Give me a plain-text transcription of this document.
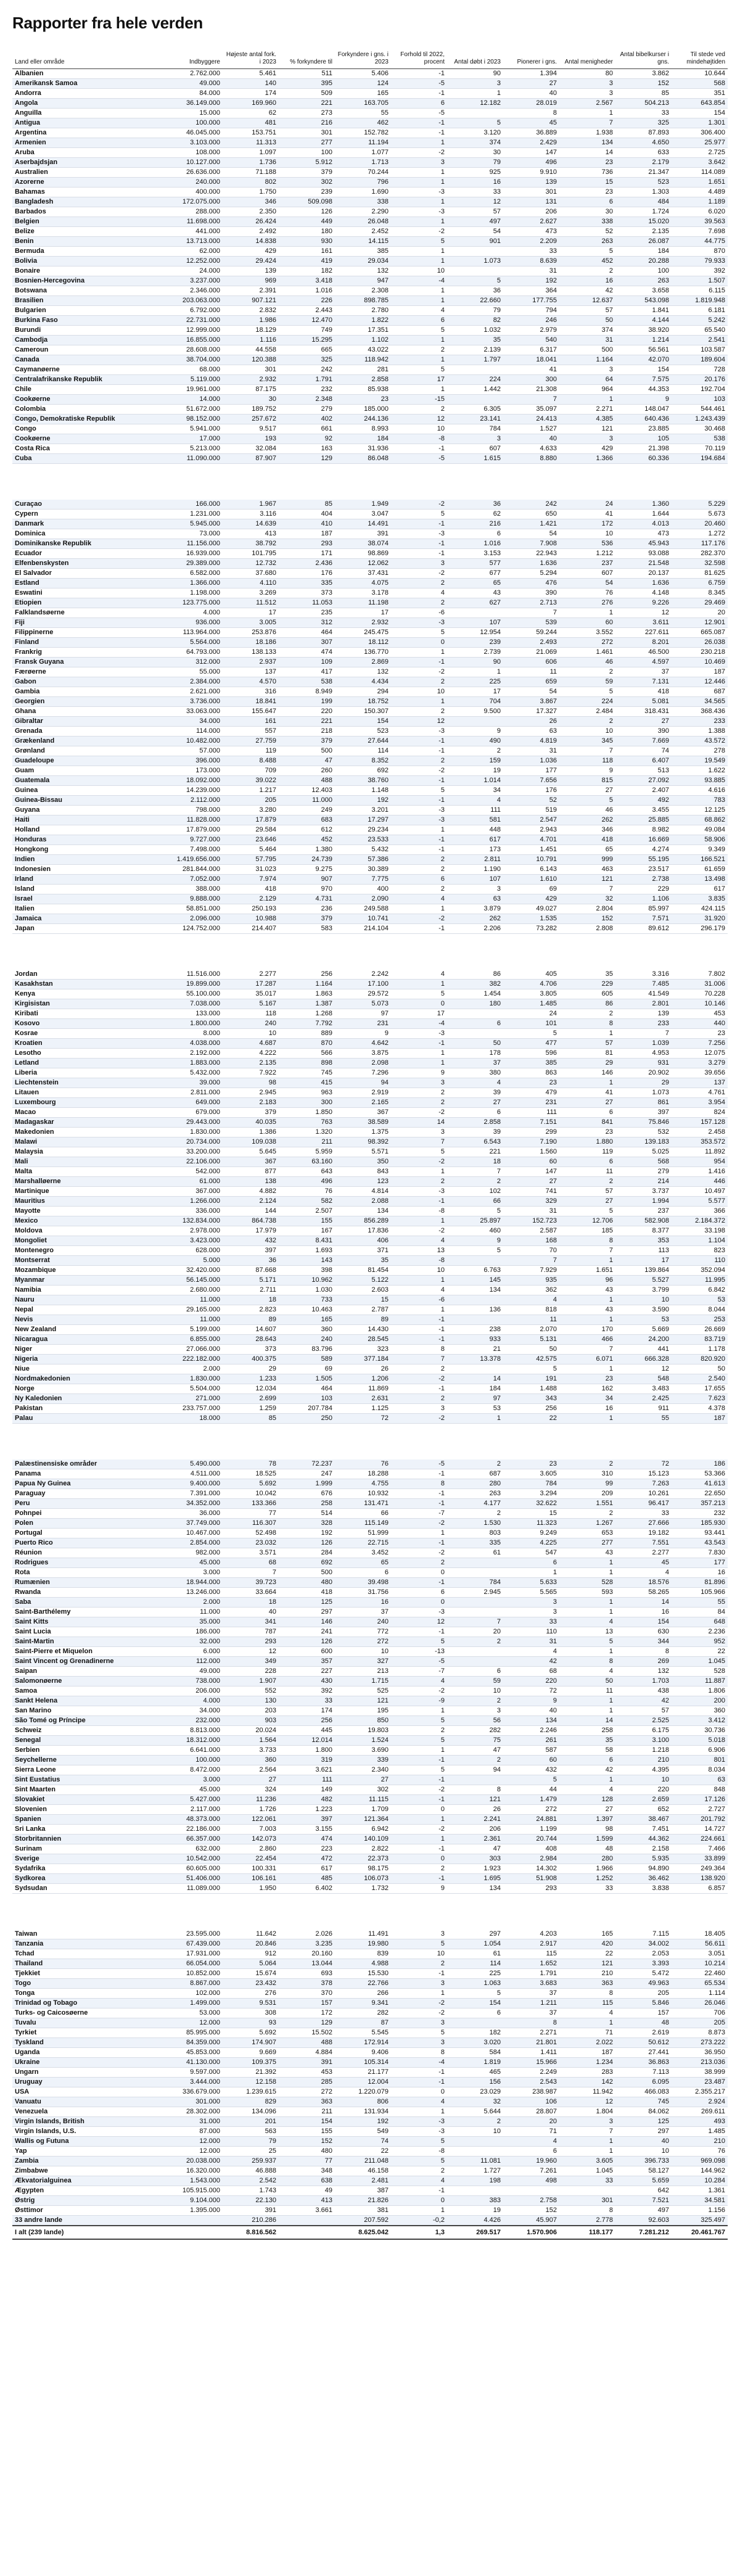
Rapporter fra hele verden
Land eller område	Indbyggere	Højeste antal fork. i 2023	% forkyndere til	Forkyndere i gns. i 2023	Forhold til 2022, procent	Antal døbt i 2023	Pionerer i gns.	Antal menigheder	Antal bibelkurser i gns.	Til stede ved mindehøjtiden
Albanien	2.762.000	5.461	511	5.406	-1	90	1.394	80	3.862	10.644
Amerikansk Samoa	49.000	140	395	124	-5	3	27	3	152	568
Andorra	84.000	174	509	165	-1	1	40	3	85	351
Angola	36.149.000	169.960	221	163.705	6	12.182	28.019	2.567	504.213	643.854
Anguilla	15.000	62	273	55	-5		8	1	33	154
Antigua	100.000	481	216	462	-1	5	45	7	325	1.301
Argentina	46.045.000	153.751	301	152.782	-1	3.120	36.889	1.938	87.893	306.400
Armenien	3.103.000	11.313	277	11.194	1	374	2.429	134	4.650	25.977
Aruba	108.000	1.097	100	1.077	-2	30	147	14	633	2.725
Aserbajdsjan	10.127.000	1.736	5.912	1.713	3	79	496	23	2.179	3.642
Australien	26.636.000	71.188	379	70.244	1	925	9.910	736	21.347	114.089
Azorerne	240.000	802	302	796	1	16	139	15	523	1.651
Bahamas	400.000	1.750	239	1.690	-3	33	301	23	1.303	4.489
Bangladesh	172.075.000	346	509.098	338	1	12	131	6	484	1.189
Barbados	288.000	2.350	126	2.290	-3	57	206	30	1.724	6.020
Belgien	11.698.000	26.424	449	26.048	1	497	2.627	338	15.020	39.563
Belize	441.000	2.492	180	2.452	-2	54	473	52	2.135	7.698
Benin	13.713.000	14.838	930	14.115	5	901	2.209	263	26.087	44.775
Bermuda	62.000	429	161	385	1		33	5	184	870
Bolivia	12.252.000	29.424	419	29.034	1	1.073	8.639	452	20.288	79.933
Bonaire	24.000	139	182	132	10		31	2	100	392
Bosnien-Hercegovina	3.237.000	969	3.418	947	-4	5	192	16	263	1.507
Botswana	2.346.000	2.391	1.016	2.308	1	36	364	42	3.658	6.115
Brasilien	203.063.000	907.121	226	898.785	1	22.660	177.755	12.637	543.098	1.819.948
Bulgarien	6.792.000	2.832	2.443	2.780	4	79	794	57	1.841	6.181
Burkina Faso	22.731.000	1.986	12.470	1.822	6	82	246	50	4.144	5.242
Burundi	12.999.000	18.129	749	17.351	5	1.032	2.979	374	38.920	65.540
Cambodja	16.855.000	1.116	15.295	1.102	1	35	540	31	1.214	2.541
Cameroun	28.608.000	44.558	665	43.022	2	2.139	6.317	500	56.561	103.587
Canada	38.704.000	120.388	325	118.942	1	1.797	18.041	1.164	42.070	189.604
Caymanøerne	68.000	301	242	281	5		41	3	154	728
Centralafrikanske Republik	5.119.000	2.932	1.791	2.858	17	224	300	64	7.575	20.176
Chile	19.961.000	87.175	232	85.938	1	1.442	21.308	964	44.353	192.704
Cookøerne	14.000	30	2.348	23	-15		7	1	9	103
Colombia	51.672.000	189.752	279	185.000	2	6.305	35.097	2.271	148.047	544.461
Congo, Demokratiske Republik	98.152.000	257.672	402	244.136	12	23.141	24.413	4.385	640.436	1.243.439
Congo	5.941.000	9.517	661	8.993	10	784	1.527	121	23.885	30.468
Cookøerne	17.000	193	92	184	-8	3	40	3	105	538
Costa Rica	5.213.000	32.084	163	31.936	-1	607	4.633	429	21.398	70.119
Cuba	11.090.000	87.907	129	86.048	-5	1.615	8.880	1.366	60.336	194.684

Curaçao	166.000	1.967	85	1.949	-2	36	242	24	1.360	5.229
Cypern	1.231.000	3.116	404	3.047	5	62	650	41	1.644	5.673
Danmark	5.945.000	14.639	410	14.491	-1	216	1.421	172	4.013	20.460
Dominica	73.000	413	187	391	-3	6	54	10	473	1.272
Dominikanske Republik	11.156.000	38.792	293	38.074	-1	1.016	7.908	536	45.943	117.176
Ecuador	16.939.000	101.795	171	98.869	-1	3.153	22.943	1.212	93.088	282.370
Elfenbenskysten	29.389.000	12.732	2.436	12.062	3	577	1.636	237	21.548	32.598
El Salvador	6.582.000	37.680	176	37.431	-2	677	5.294	607	20.137	81.625
Estland	1.366.000	4.110	335	4.075	2	65	476	54	1.636	6.759
Eswatini	1.198.000	3.269	373	3.178	4	43	390	76	4.148	8.345
Etiopien	123.775.000	11.512	11.053	11.198	2	627	2.713	276	9.226	29.469
Falklandsøerne	4.000	17	235	17	-6		7	1	12	20
Fiji	936.000	3.005	312	2.932	-3	107	539	60	3.611	12.901
Filippinerne	113.964.000	253.876	464	245.475	5	12.954	59.244	3.552	227.611	665.087
Finland	5.564.000	18.186	307	18.112	0	239	2.493	272	8.201	26.038
Frankrig	64.793.000	138.133	474	136.770	1	2.739	21.069	1.461	46.500	230.218
Fransk Guyana	312.000	2.937	109	2.869	-1	90	606	46	4.597	10.469
Færøerne	55.000	137	417	132	-2	1	11	2	37	187
Gabon	2.384.000	4.570	538	4.434	2	225	659	59	7.131	12.446
Gambia	2.621.000	316	8.949	294	10	17	54	5	418	687
Georgien	3.736.000	18.841	199	18.752	1	704	3.867	224	5.081	34.565
Ghana	33.063.000	155.647	220	150.307	2	9.500	17.327	2.484	318.431	368.436
Gibraltar	34.000	161	221	154	12		26	2	27	233
Grenada	114.000	557	218	523	-3	9	63	10	390	1.388
Grækenland	10.482.000	27.759	379	27.644	-1	490	4.819	345	7.669	43.572
Grønland	57.000	119	500	114	-1	2	31	7	74	278
Guadeloupe	396.000	8.488	47	8.352	2	159	1.036	118	6.407	19.549
Guam	173.000	709	260	692	-2	19	177	9	513	1.622
Guatemala	18.092.000	39.022	488	38.760	-1	1.014	7.656	815	27.092	93.885
Guinea	14.239.000	1.217	12.403	1.148	5	34	176	27	2.407	4.616
Guinea-Bissau	2.112.000	205	11.000	192	-1	4	52	5	492	783
Guyana	798.000	3.280	249	3.201	-3	111	519	46	3.455	12.125
Haiti	11.828.000	17.879	683	17.297	-3	581	2.547	262	25.885	68.862
Holland	17.879.000	29.584	612	29.234	1	448	2.943	346	8.982	49.084
Honduras	9.727.000	23.646	452	23.533	-1	617	4.701	418	16.669	58.906
Hongkong	7.498.000	5.464	1.380	5.432	-1	173	1.451	65	4.274	9.349
Indien	1.419.656.000	57.795	24.739	57.386	2	2.811	10.791	999	55.195	166.521
Indonesien	281.844.000	31.023	9.275	30.389	2	1.190	6.143	463	23.517	61.659
Irland	7.052.000	7.974	907	7.775	6	107	1.610	121	2.738	13.498
Island	388.000	418	970	400	2	3	69	7	229	617
Israel	9.888.000	2.129	4.731	2.090	4	63	429	32	1.106	3.835
Italien	58.851.000	250.193	236	249.588	1	3.879	49.027	2.804	85.997	424.115
Jamaica	2.096.000	10.988	379	10.741	-2	262	1.535	152	7.571	31.920
Japan	124.752.000	214.407	583	214.104	-1	2.206	73.282	2.808	89.612	296.179

Jordan	11.516.000	2.277	256	2.242	4	86	405	35	3.316	7.802
Kasakhstan	19.899.000	17.287	1.164	17.100	1	382	4.706	229	7.485	31.006
Kenya	55.100.000	35.017	1.863	29.572	5	1.454	3.805	605	41.549	70.228
Kirgisistan	7.038.000	5.167	1.387	5.073	0	180	1.485	86	2.801	10.146
Kiribati	133.000	118	1.268	97	17		24	2	139	453
Kosovo	1.800.000	240	7.792	231	-4	6	101	8	233	440
Kosrae	8.000	10	889	9	-3		5	1	7	23
Kroatien	4.038.000	4.687	870	4.642	-1	50	477	57	1.039	7.256
Lesotho	2.192.000	4.222	566	3.875	1	178	596	81	4.953	12.075
Letland	1.883.000	2.135	898	2.098	1	37	385	29	931	3.279
Liberia	5.432.000	7.922	745	7.296	9	380	863	146	20.902	39.656
Liechtenstein	39.000	98	415	94	3	4	23	1	29	137
Litauen	2.811.000	2.945	963	2.919	2	39	479	41	1.073	4.761
Luxembourg	649.000	2.183	300	2.165	2	27	231	27	861	3.954
Macao	679.000	379	1.850	367	-2	6	111	6	397	824
Madagaskar	29.443.000	40.035	763	38.589	14	2.858	7.151	841	75.846	157.128
Makedonien	1.830.000	1.386	1.320	1.375	3	39	299	23	532	2.458
Malawi	20.734.000	109.038	211	98.392	7	6.543	7.190	1.880	139.183	353.572
Malaysia	33.200.000	5.645	5.959	5.571	5	221	1.560	119	5.025	11.892
Mali	22.106.000	367	63.160	350	-2	18	60	6	568	954
Malta	542.000	877	643	843	1	7	147	11	279	1.416
Marshalløerne	61.000	138	496	123	2	2	27	2	214	446
Martinique	367.000	4.882	76	4.814	-3	102	741	57	3.737	10.497
Mauritius	1.266.000	2.124	582	2.088	-1	66	329	27	1.994	5.577
Mayotte	336.000	144	2.507	134	-8	5	31	5	237	366
Mexico	132.834.000	864.738	155	856.289	1	25.897	152.723	12.706	582.908	2.184.372
Moldova	2.978.000	17.979	167	17.836	-2	460	2.587	185	8.377	33.198
Mongoliet	3.423.000	432	8.431	406	4	9	168	8	353	1.104
Montenegro	628.000	397	1.693	371	13	5	70	7	113	823
Montserrat	5.000	36	143	35	-8		7	1	17	110
Mozambique	32.420.000	87.668	398	81.454	10	6.763	7.929	1.651	139.864	352.094
Myanmar	56.145.000	5.171	10.962	5.122	1	145	935	96	5.527	11.995
Namibia	2.680.000	2.711	1.030	2.603	4	134	362	43	3.799	6.842
Nauru	11.000	18	733	15	-6		4	1	10	53
Nepal	29.165.000	2.823	10.463	2.787	1	136	818	43	3.590	8.044
Nevis	11.000	89	165	89	-1		11	1	53	253
New Zealand	5.199.000	14.607	360	14.430	-1	238	2.070	170	5.669	26.669
Nicaragua	6.855.000	28.643	240	28.545	-1	933	5.131	466	24.200	83.719
Niger	27.066.000	373	83.796	323	8	21	50	7	441	1.178
Nigeria	222.182.000	400.375	589	377.184	7	13.378	42.575	6.071	666.328	820.920
Niue	2.000	29	69	26	2		5	1	12	50
Nordmakedonien	1.830.000	1.233	1.505	1.206	-2	14	191	23	548	2.540
Norge	5.504.000	12.034	464	11.869	-1	184	1.488	162	3.483	17.655
Ny Kaledonien	271.000	2.699	103	2.631	2	97	343	34	2.425	7.623
Pakistan	233.757.000	1.259	207.784	1.125	3	53	256	16	911	4.378
Palau	18.000	85	250	72	-2	1	22	1	55	187

Palæstinensiske områder	5.490.000	78	72.237	76	-5	2	23	2	72	186
Panama	4.511.000	18.525	247	18.288	-1	687	3.605	310	15.123	53.366
Papua Ny Guinea	9.400.000	5.692	1.999	4.755	8	280	784	99	7.263	41.613
Paraguay	7.391.000	10.042	676	10.932	-1	263	3.294	209	10.261	22.650
Peru	34.352.000	133.366	258	131.471	-1	4.177	32.622	1.551	96.417	357.213
Pohnpei	36.000	77	514	66	-7	2	15	2	33	232
Polen	37.749.000	116.307	328	115.149	-2	1.530	11.323	1.267	27.666	185.930
Portugal	10.467.000	52.498	192	51.999	1	803	9.249	653	19.182	93.441
Puerto Rico	2.854.000	23.032	126	22.715	-1	335	4.225	277	7.551	43.543
Réunion	982.000	3.571	284	3.452	-2	61	547	43	2.277	7.830
Rodrigues	45.000	68	692	65	2		6	1	45	177
Rota	3.000	7	500	6	0		1	1	4	16
Rumænien	18.944.000	39.723	480	39.498	-1	784	5.633	528	18.576	81.896
Rwanda	13.246.000	33.664	418	31.756	6	2.945	5.565	593	58.265	105.966
Saba	2.000	18	125	16	0		3	1	14	55
Saint-Barthélemy	11.000	40	297	37	-3		3	1	16	84
Saint Kitts	35.000	341	146	240	12	7	33	4	154	648
Saint Lucia	186.000	787	241	772	-1	20	110	13	630	2.236
Saint-Martin	32.000	293	126	272	5	2	31	5	344	952
Saint-Pierre et Miquelon	6.000	12	600	10	-13		4	1	8	22
Saint Vincent og Grenadinerne	112.000	349	357	327	-5		42	8	269	1.045
Saipan	49.000	228	227	213	-7	6	68	4	132	528
Salomonøerne	738.000	1.907	430	1.715	4	59	220	50	1.703	11.887
Samoa	206.000	552	392	525	-2	10	72	11	438	1.806
Sankt Helena	4.000	130	33	121	-9	2	9	1	42	200
San Marino	34.000	203	174	195	1	3	40	1	57	360
São Tomé og Príncipe	232.000	903	256	850	5	56	134	14	2.525	3.412
Schweiz	8.813.000	20.024	445	19.803	2	282	2.246	258	6.175	30.736
Senegal	18.312.000	1.564	12.014	1.524	5	75	261	35	3.100	5.018
Serbien	6.641.000	3.733	1.800	3.690	1	47	587	58	1.218	6.906
Seychellerne	100.000	360	319	339	-1	2	60	6	210	801
Sierra Leone	8.472.000	2.564	3.621	2.340	5	94	432	42	4.395	8.034
Sint Eustatius	3.000	27	111	27	-1		5	1	10	63
Sint Maarten	45.000	324	149	302	-2	8	44	4	220	848
Slovakiet	5.427.000	11.236	482	11.115	-1	121	1.479	128	2.659	17.126
Slovenien	2.117.000	1.726	1.223	1.709	0	26	272	27	652	2.727
Spanien	48.373.000	122.061	397	121.364	1	2.241	24.881	1.397	38.467	201.792
Sri Lanka	22.186.000	7.003	3.155	6.942	-2	206	1.199	98	7.451	14.727
Storbritannien	66.357.000	142.073	474	140.109	1	2.361	20.744	1.599	44.362	224.661
Surinam	632.000	2.860	223	2.822	-1	47	408	48	2.158	7.466
Sverige	10.542.000	22.454	472	22.373	0	303	2.984	280	5.935	33.899
Sydafrika	60.605.000	100.331	617	98.175	2	1.923	14.302	1.966	94.890	249.364
Sydkorea	51.406.000	106.161	485	106.073	-1	1.695	51.908	1.252	36.462	138.920
Sydsudan	11.089.000	1.950	6.402	1.732	9	134	293	33	3.838	6.857

Taiwan	23.595.000	11.642	2.026	11.491	3	297	4.203	165	7.115	18.405
Tanzania	67.439.000	20.846	3.235	19.980	5	1.054	2.917	420	34.002	56.611
Tchad	17.931.000	912	20.160	839	10	61	115	22	2.053	3.051
Thailand	66.054.000	5.064	13.044	4.988	2	114	1.652	121	3.393	10.214
Tjekkiet	10.852.000	15.674	693	15.530	-1	225	1.791	210	5.472	22.460
Togo	8.867.000	23.432	378	22.766	3	1.063	3.683	363	49.963	65.534
Tonga	102.000	276	370	266	1	5	37	8	205	1.114
Trinidad og Tobago	1.499.000	9.531	157	9.341	-2	154	1.211	115	5.846	26.046
Turks- og Caicosøerne	53.000	308	172	282	-2	6	37	4	157	706
Tuvalu	12.000	93	129	87	3		8	1	48	205
Tyrkiet	85.995.000	5.692	15.502	5.545	5	182	2.271	71	2.619	8.873
Tyskland	84.359.000	174.907	488	172.914	3	3.020	21.801	2.022	50.612	273.222
Uganda	45.853.000	9.669	4.884	9.406	8	584	1.411	187	27.441	36.950
Ukraine	41.130.000	109.375	391	105.314	-4	1.819	15.966	1.234	36.863	213.036
Ungarn	9.597.000	21.392	453	21.177	-1	465	2.249	283	7.113	38.999
Uruguay	3.444.000	12.158	285	12.004	-1	156	2.543	142	6.095	23.487
USA	336.679.000	1.239.615	272	1.220.079	0	23.029	238.987	11.942	466.083	2.355.217
Vanuatu	301.000	829	363	806	4	32	106	12	745	2.924
Venezuela	28.302.000	134.096	211	131.934	1	5.644	28.807	1.804	84.062	269.611
Virgin Islands, British	31.000	201	154	192	-3	2	20	3	125	493
Virgin Islands, U.S.	87.000	563	155	549	-3	10	71	7	297	1.485
Wallis og Futuna	12.000	79	152	74	5		4	1	40	210
Yap	12.000	25	480	22	-8		6	1	10	76
Zambia	20.038.000	259.937	77	211.048	5	11.081	19.960	3.605	396.733	969.098
Zimbabwe	16.320.000	46.888	348	46.158	2	1.727	7.261	1.045	58.127	144.962
Ækvatorialguinea	1.543.000	2.542	638	2.481	4	198	498	33	5.659	10.284
Ægypten	105.915.000	1.743	49	387	-1				642	1.361
Østrig	9.104.000	22.130	413	21.826	0	383	2.758	301	7.521	34.581
Østtimor	1.395.000	391	3.661	381	1	19	152	8	497	1.156
33 andre lande		210.286		207.592	-0,2	4.426	45.907	2.778	92.603	325.497
I alt (239 lande)		8.816.562		8.625.042	1,3	269.517	1.570.906	118.177	7.281.212	20.461.767
